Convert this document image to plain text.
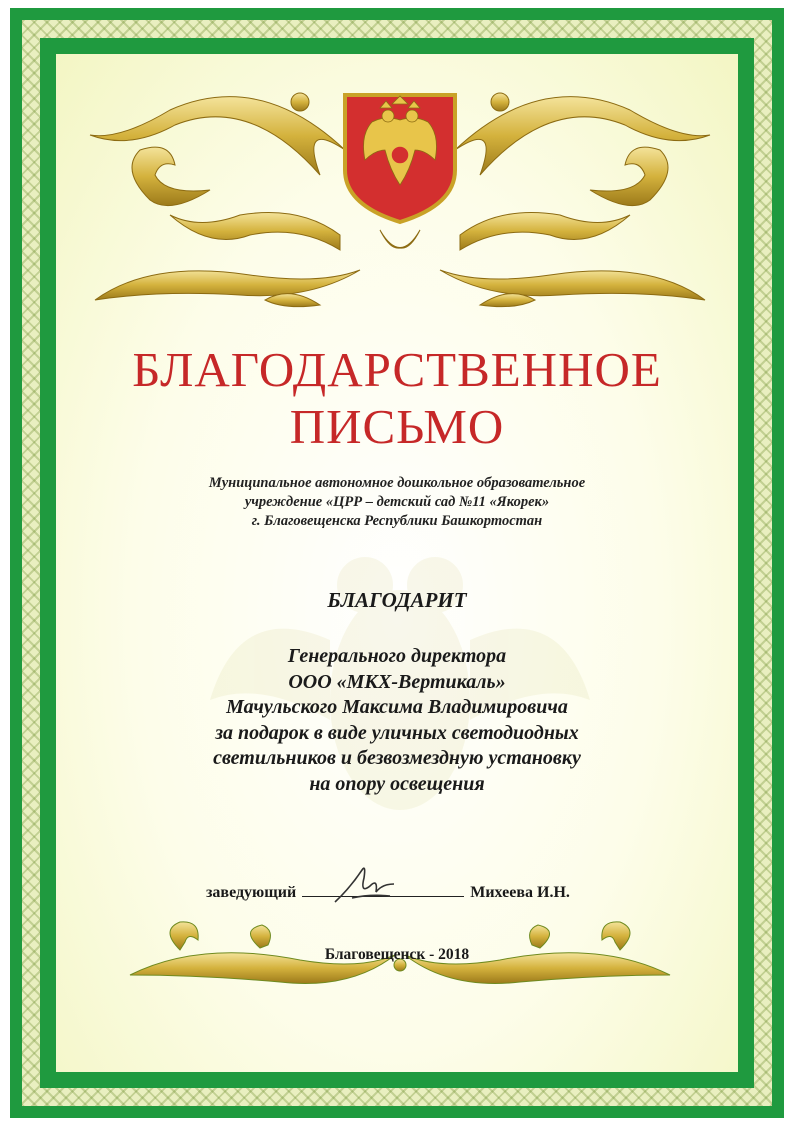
БЛАГОДАРСТВЕННОЕ
ПИСЬМО
Муниципальное автономное дошкольное образовательное
учреждение «ЦРР – детский сад №11 «Якорек»
г. Благовещенска Республики Башкортостан
БЛАГОДАРИТ
Генерального директора
ООО «МКХ-Вертикаль»
Мачульского Максима Владимировича
за подарок в виде уличных светодиодных
светильников и безвозмездную установку
на опору освещения
заведующий	Михеева И.Н.
Благовещенск - 2018
